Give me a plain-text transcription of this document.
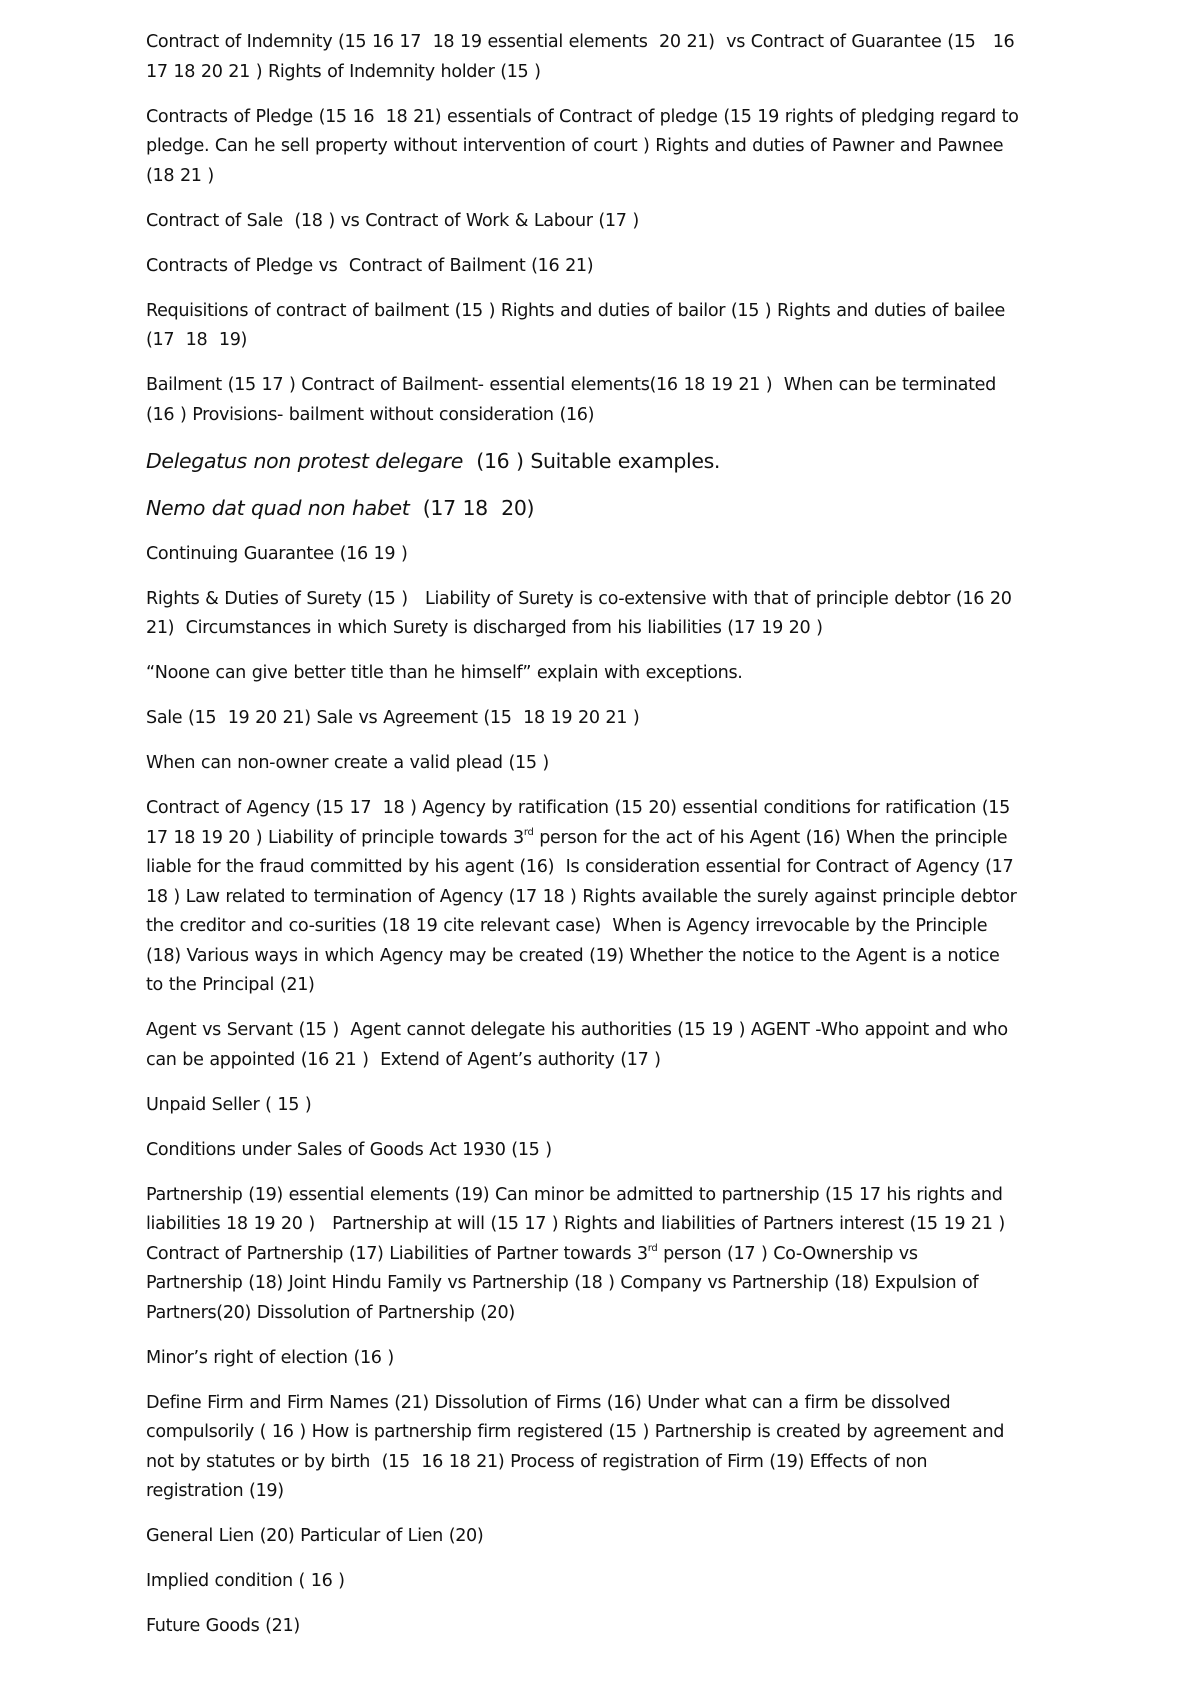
Contract of Indemnity (15 16 17  18 19 essential elements  20 21)  vs Contract of Guarantee (15   16
17 18 20 21 ) Rights of Indemnity holder (15 )
Contracts of Pledge (15 16  18 21) essentials of Contract of pledge (15 19 rights of pledging regard to
pledge. Can he sell property without intervention of court ) Rights and duties of Pawner and Pawnee
(18 21 )
Contract of Sale  (18 ) vs Contract of Work & Labour (17 )
Contracts of Pledge vs  Contract of Bailment (16 21)
Requisitions of contract of bailment (15 ) Rights and duties of bailor (15 ) Rights and duties of bailee
(17  18  19)
Bailment (15 17 ) Contract of Bailment- essential elements(16 18 19 21 )  When can be terminated
(16 ) Provisions- bailment without consideration (16)
Delegatus non protest delegare  (16 ) Suitable examples.
Nemo dat quad non habet  (17 18  20)
Continuing Guarantee (16 19 )
Rights & Duties of Surety (15 )   Liability of Surety is co-extensive with that of principle debtor (16 20
21)  Circumstances in which Surety is discharged from his liabilities (17 19 20 )
“Noone can give better title than he himself” explain with exceptions.
Sale (15  19 20 21) Sale vs Agreement (15  18 19 20 21 )
When can non-owner create a valid plead (15 )
Contract of Agency (15 17  18 ) Agency by ratification (15 20) essential conditions for ratification (15
17 18 19 20 ) Liability of principle towards 3rd person for the act of his Agent (16) When the principle
liable for the fraud committed by his agent (16)  Is consideration essential for Contract of Agency (17
18 ) Law related to termination of Agency (17 18 ) Rights available the surely against principle debtor
the creditor and co-surities (18 19 cite relevant case)  When is Agency irrevocable by the Principle
(18) Various ways in which Agency may be created (19) Whether the notice to the Agent is a notice
to the Principal (21)
Agent vs Servant (15 )  Agent cannot delegate his authorities (15 19 ) AGENT -Who appoint and who
can be appointed (16 21 )  Extend of Agent’s authority (17 )
Unpaid Seller ( 15 )
Conditions under Sales of Goods Act 1930 (15 )
Partnership (19) essential elements (19) Can minor be admitted to partnership (15 17 his rights and
liabilities 18 19 20 )   Partnership at will (15 17 ) Rights and liabilities of Partners interest (15 19 21 )
Contract of Partnership (17) Liabilities of Partner towards 3rd person (17 ) Co-Ownership vs
Partnership (18) Joint Hindu Family vs Partnership (18 ) Company vs Partnership (18) Expulsion of
Partners(20) Dissolution of Partnership (20)
Minor’s right of election (16 )
Define Firm and Firm Names (21) Dissolution of Firms (16) Under what can a firm be dissolved
compulsorily ( 16 ) How is partnership firm registered (15 ) Partnership is created by agreement and
not by statutes or by birth  (15  16 18 21) Process of registration of Firm (19) Effects of non
registration (19)
General Lien (20) Particular of Lien (20)
Implied condition ( 16 )
Future Goods (21)
